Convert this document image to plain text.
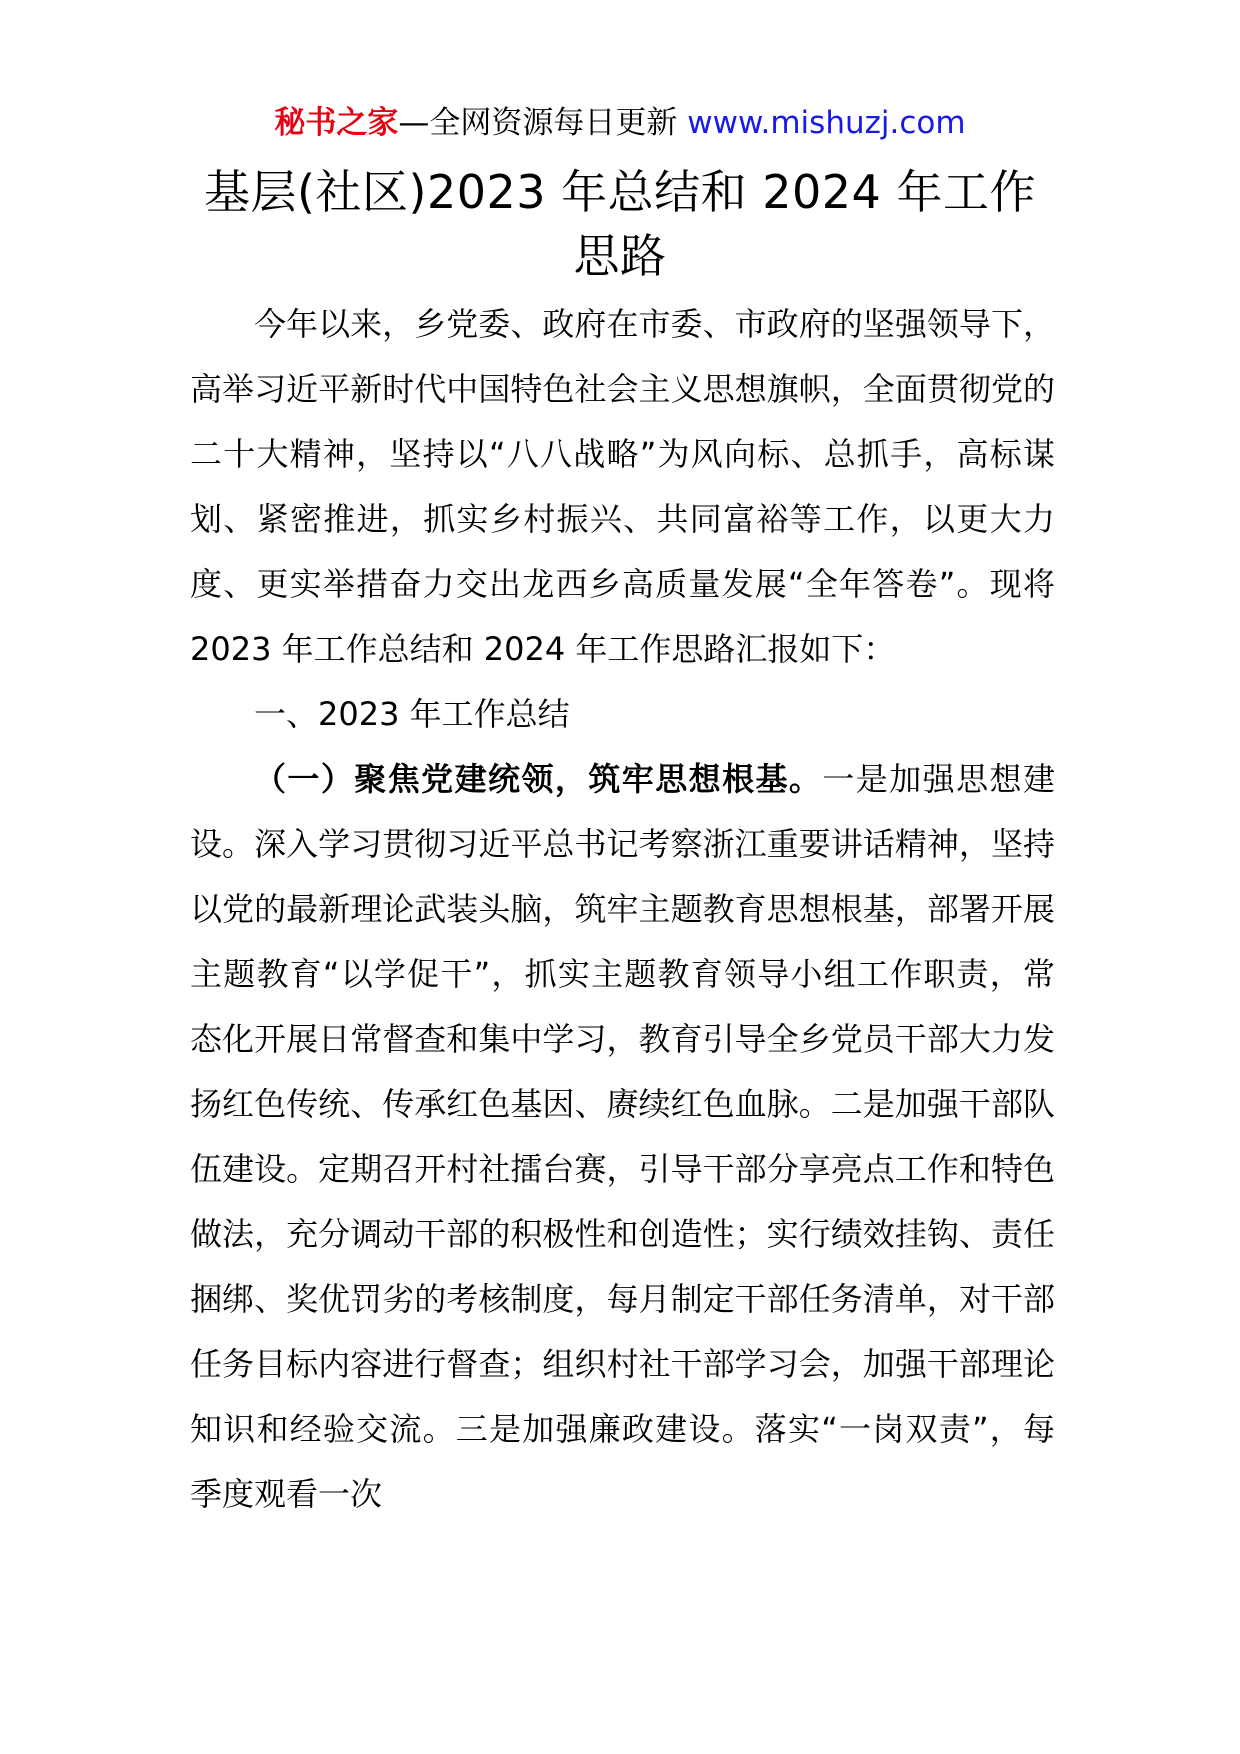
秘书之家—全网资源每日更新 www.mishuzj.com
基层(社区)2023 年总结和 2024 年工作思路

今年以来，乡党委、政府在市委、市政府的坚强领导下，高举习近平新时代中国特色社会主义思想旗帜，全面贯彻党的二十大精神，坚持以“八八战略”为风向标、总抓手，高标谋划、紧密推进，抓实乡村振兴、共同富裕等工作，以更大力度、更实举措奋力交出龙西乡高质量发展“全年答卷”。现将 2023 年工作总结和 2024 年工作思路汇报如下：

一、2023 年工作总结

（一）聚焦党建统领，筑牢思想根基。一是加强思想建设。深入学习贯彻习近平总书记考察浙江重要讲话精神，坚持以党的最新理论武装头脑，筑牢主题教育思想根基，部署开展主题教育“以学促干”，抓实主题教育领导小组工作职责，常态化开展日常督查和集中学习，教育引导全乡党员干部大力发扬红色传统、传承红色基因、赓续红色血脉。二是加强干部队伍建设。定期召开村社擂台赛，引导干部分享亮点工作和特色做法，充分调动干部的积极性和创造性；实行绩效挂钩、责任捆绑、奖优罚劣的考核制度，每月制定干部任务清单，对干部任务目标内容进行督查；组织村社干部学习会，加强干部理论知识和经验交流。三是加强廉政建设。落实“一岗双责”，每季度观看一次
